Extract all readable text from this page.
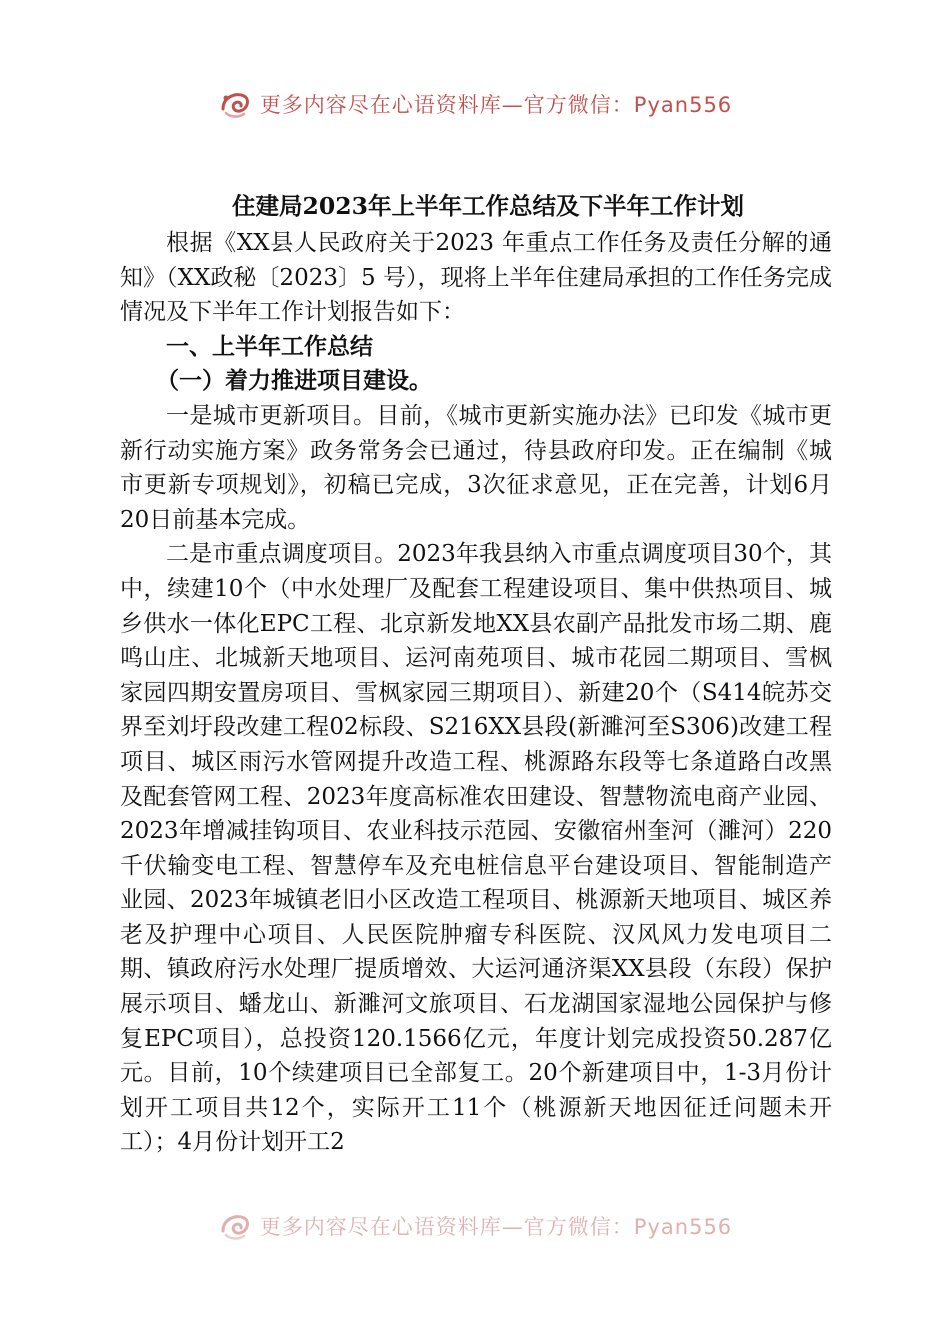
更多内容尽在心语资料库—官方微信：Pyan556

住建局2023年上半年工作总结及下半年工作计划

根据《XX县人民政府关于2023 年重点工作任务及责任分解的通知》（XX政秘〔2023〕5 号），现将上半年住建局承担的工作任务完成情况及下半年工作计划报告如下：

一、上半年工作总结

（一）着力推进项目建设。

一是城市更新项目。目前，《城市更新实施办法》已印发《城市更新行动实施方案》政务常务会已通过，待县政府印发。正在编制《城市更新专项规划》，初稿已完成，3次征求意见，正在完善，计划6月20日前基本完成。

二是市重点调度项目。2023年我县纳入市重点调度项目30个，其中，续建10个（中水处理厂及配套工程建设项目、集中供热项目、城乡供水一体化EPC工程、北京新发地XX县农副产品批发市场二期、鹿鸣山庄、北城新天地项目、运河南苑项目、城市花园二期项目、雪枫家园四期安置房项目、雪枫家园三期项目）、新建20个（S414皖苏交界至刘圩段改建工程02标段、S216XX县段(新濉河至S306)改建工程项目、城区雨污水管网提升改造工程、桃源路东段等七条道路白改黑及配套管网工程、2023年度高标准农田建设、智慧物流电商产业园、2023年增减挂钩项目、农业科技示范园、安徽宿州奎河（濉河）220千伏输变电工程、智慧停车及充电桩信息平台建设项目、智能制造产业园、2023年城镇老旧小区改造工程项目、桃源新天地项目、城区养老及护理中心项目、人民医院肿瘤专科医院、汉风风力发电项目二期、镇政府污水处理厂提质增效、大运河通济渠XX县段（东段）保护展示项目、蟠龙山、新濉河文旅项目、石龙湖国家湿地公园保护与修复EPC项目），总投资120.1566亿元，年度计划完成投资50.287亿元。目前，10个续建项目已全部复工。20个新建项目中，1-3月份计划开工项目共12个，实际开工11个（桃源新天地因征迁问题未开工）；4月份计划开工2

更多内容尽在心语资料库—官方微信：Pyan556
